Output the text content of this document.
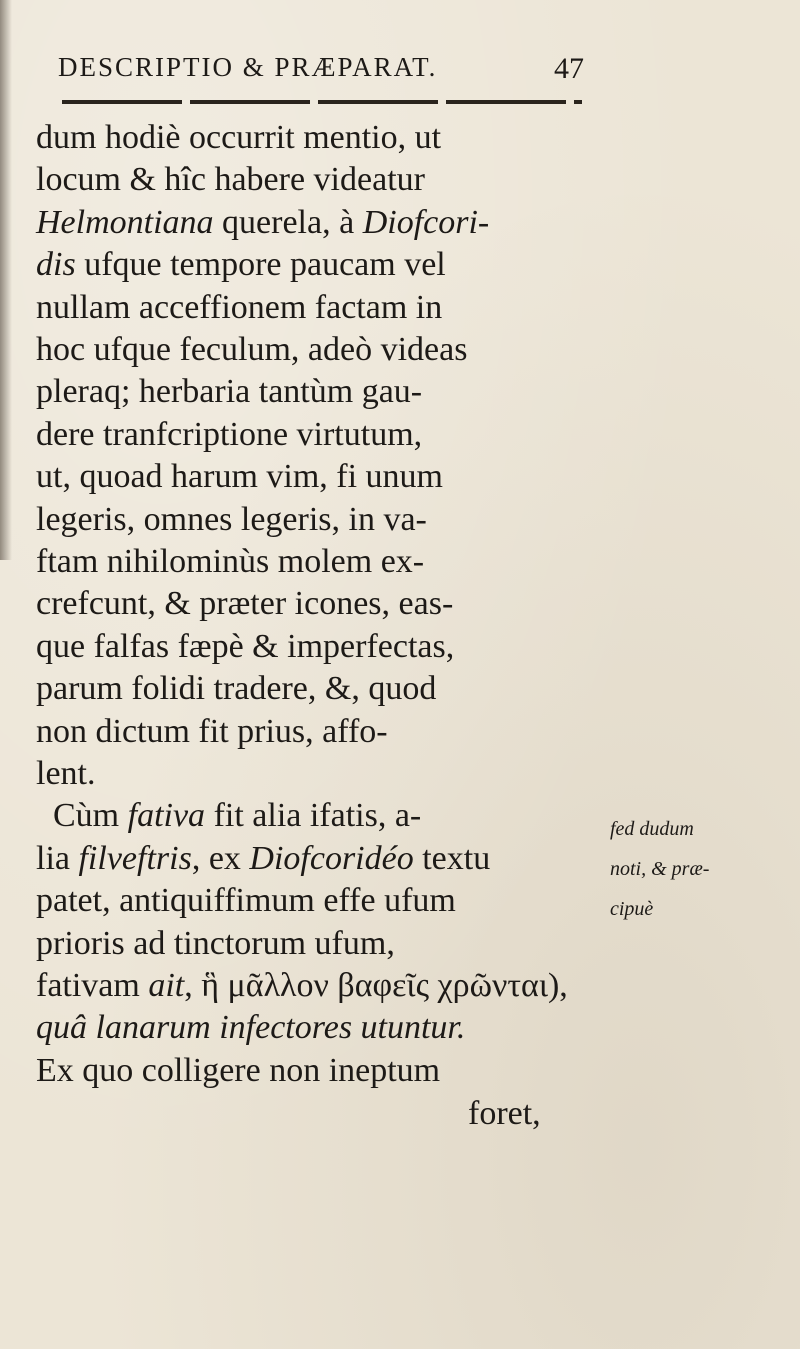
DESCRIPTIO & PRÆPARAT.	47
dum hodiè occurrit mentio, ut
locum & hîc habere videatur
Helmontiana querela, à Diofcori-
dis ufque tempore paucam vel
nullam acceffionem factam in
hoc ufque feculum, adeò videas
pleraq; herbaria tantùm gau-
dere tranfcriptione virtutum,
ut, quoad harum vim, fi unum
legeris, omnes legeris, in va-
ftam nihilominùs molem ex-
crefcunt, & præter icones, eas-
que falfas fæpè & imperfectas,
parum folidi tradere, &, quod
non dictum fit prius, affo-
lent.
Cùm fativa fit alia ifatis, a-
lia filveftris, ex Diofcoridéo textu
patet, antiquiffimum effe ufum
prioris ad tinctorum ufum,
fativam ait, ἣ μᾶλλον βαφεῖς χρῶνται),
quâ lanarum infectores utuntur.
Ex quo colligere non ineptum
fed dudum
noti, & præ-
cipuè
foret,
